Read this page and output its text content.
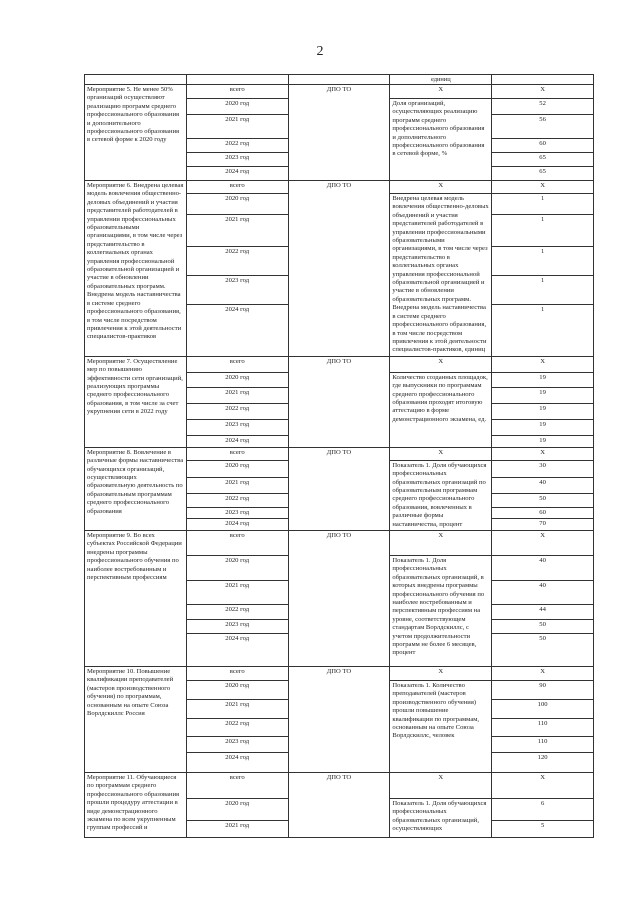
2
			единиц	
Мероприятие 5. Не менее 50% организаций осуществляют реализацию программ среднего профессионального образования и дополнительного профессионального образования в сетевой форме к 2020 году	всего	ДПО ТО	Х	Х
	2020 год		Доля организаций, осуществляющих реализацию программ среднего профессионального образования и дополнительного профессионального образования в сетевой форме, %	52
	2021 год			56
	2022 год			60
	2023 год			65
	2024 год			65
Мероприятие 6. Внедрена целевая модель вовлечения общественно-деловых объединений и участия представителей работодателей в управлении профессиональных образовательными организациями, в том числе через представительство в коллегиальных органах управления профессиональной образовательной организацией и участие в обновлении образовательных программ. Внедрена модель наставничества в системе среднего профессионального образования, в том числе посредством привлечения к этой деятельности специалистов-практиков	всего	ДПО ТО	Х	Х
	2020 год		Внедрена целевая модель вовлечения общественно-деловых объединений и участия представителей работодателей в управлении профессиональными образовательными организациями, в том числе через представительство в коллегиальных органах управления профессиональной образовательной организацией и участие в обновлении образовательных программ. Внедрена модель наставничества в системе среднего профессионального образования, в том числе посредством привлечения к этой деятельности специалистов-практиков, единиц	1
	2021 год			1
	2022 год			1
	2023 год			1
	2024 год			1
Мероприятие 7. Осуществление мер по повышению эффективности сети организаций, реализующих программы среднего профессионального образования, в том числе за счет укрупнения сети в 2022 году	всего	ДПО ТО	Х	Х
	2020 год		Количество созданных площадок, где выпускники по программам среднего профессионального образования проходят итоговую аттестацию в форме демонстрационного экзамена, ед.	19
	2021 год			19
	2022 год			19
	2023 год			19
	2024 год			19
Мероприятие 8. Вовлечение в различные формы наставничества обучающихся организаций, осуществляющих образовательную деятельность по образовательным программам среднего профессионального образования	всего	ДПО ТО	Х	Х
	2020 год		Показатель 1. Доля обучающихся профессиональных образовательных организаций по образовательным программам среднего профессионального образования, вовлеченных в различные формы наставничества, процент	30
	2021 год			40
	2022 год			50
	2023 год			60
	2024 год			70
Мероприятие 9. Во всех субъектах Российской Федерации внедрены программы профессионального обучения по наиболее востребованным и перспективным профессиям	всего	ДПО ТО	Х	Х
	2020 год		Показатель 1. Доля профессиональных образовательных организаций, в которых внедрены программы профессионального обучения по наиболее востребованным и перспективным профессиям на уровне, соответствующем стандартам Ворлдскиллс, с учетом продолжительности программ не более 6 месяцев, процент	40
	2021 год			40
	2022 год			44
	2023 год			50
	2024 год			50
Мероприятие 10. Повышение квалификации преподавателей (мастеров производственного обучения) по программам, основанным на опыте Союза Ворлдскиллс Россия	всего	ДПО ТО	Х	Х
	2020 год		Показатель 1. Количество преподавателей (мастеров производственного обучения) прошли повышение квалификации по программам, основанным на опыте Союза Ворлдскиллс, человек	90
	2021 год			100
	2022 год			110
	2023 год			110
	2024 год			120
Мероприятие 11. Обучающиеся по программам среднего профессионального образования прошли процедуру аттестации в виде демонстрационного экзамена по всем укрупненным группам профессий и	всего	ДПО ТО	Х	Х
	2020 год		Показатель 1. Доля обучающихся профессиональных образовательных организаций, осуществляющих	6
	2021 год			5
